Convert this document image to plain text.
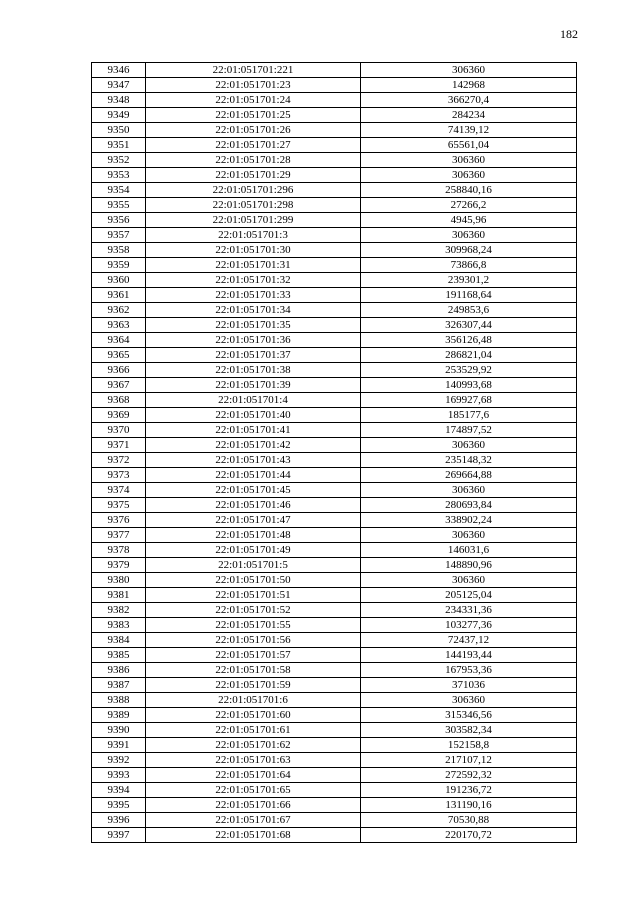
182
9346	22:01:051701:221	306360
9347	22:01:051701:23	142968
9348	22:01:051701:24	366270,4
9349	22:01:051701:25	284234
9350	22:01:051701:26	74139,12
9351	22:01:051701:27	65561,04
9352	22:01:051701:28	306360
9353	22:01:051701:29	306360
9354	22:01:051701:296	258840,16
9355	22:01:051701:298	27266,2
9356	22:01:051701:299	4945,96
9357	22:01:051701:3	306360
9358	22:01:051701:30	309968,24
9359	22:01:051701:31	73866,8
9360	22:01:051701:32	239301,2
9361	22:01:051701:33	191168,64
9362	22:01:051701:34	249853,6
9363	22:01:051701:35	326307,44
9364	22:01:051701:36	356126,48
9365	22:01:051701:37	286821,04
9366	22:01:051701:38	253529,92
9367	22:01:051701:39	140993,68
9368	22:01:051701:4	169927,68
9369	22:01:051701:40	185177,6
9370	22:01:051701:41	174897,52
9371	22:01:051701:42	306360
9372	22:01:051701:43	235148,32
9373	22:01:051701:44	269664,88
9374	22:01:051701:45	306360
9375	22:01:051701:46	280693,84
9376	22:01:051701:47	338902,24
9377	22:01:051701:48	306360
9378	22:01:051701:49	146031,6
9379	22:01:051701:5	148890,96
9380	22:01:051701:50	306360
9381	22:01:051701:51	205125,04
9382	22:01:051701:52	234331,36
9383	22:01:051701:55	103277,36
9384	22:01:051701:56	72437,12
9385	22:01:051701:57	144193,44
9386	22:01:051701:58	167953,36
9387	22:01:051701:59	371036
9388	22:01:051701:6	306360
9389	22:01:051701:60	315346,56
9390	22:01:051701:61	303582,34
9391	22:01:051701:62	152158,8
9392	22:01:051701:63	217107,12
9393	22:01:051701:64	272592,32
9394	22:01:051701:65	191236,72
9395	22:01:051701:66	131190,16
9396	22:01:051701:67	70530,88
9397	22:01:051701:68	220170,72
